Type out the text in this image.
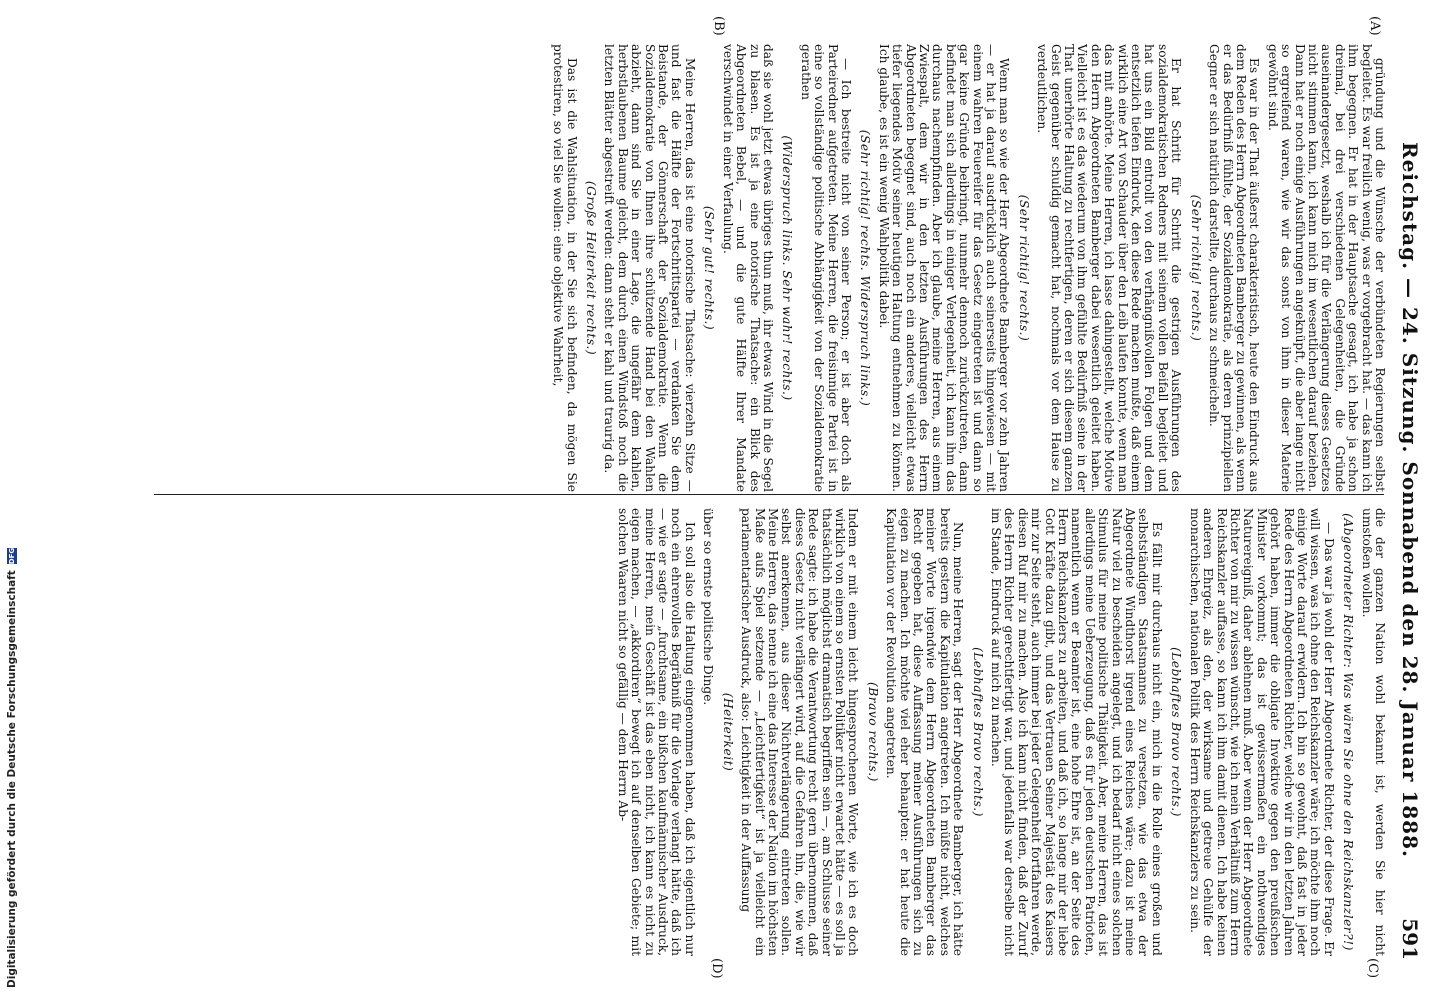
Reichstag. — 24. Sitzung. Sonnabend den 28. Januar 1888.
591
(A)
(B)
(C)
(D)

gründung und die Wünsche der verbündeten Regierungen selbst begleitet. Es war freilich wenig, was er vorgebracht hat. — das kann ich ihm begegnen. Er hat in der Hauptsache gesagt, ich habe ja schon dreimal, bei drei verschiedenen Gelegenheiten, die Gründe auseinandergesetzt, weshalb ich für die Verlängerung dieses Gesetzes nicht stimmen kann, ich kann mich im wesentlichen darauf beziehen. Dann hat er noch einige Ausführungen angeknüpft, die aber lange nicht so ergreifend waren, wie wir das sonst von ihm in dieser Materie gewöhnt sind.

Es war in der That äußerst charakteristisch, heute den Eindruck aus dem Reden des Herrn Abgeordneten Bamberger zu gewinnen, als wenn er das Bedürfniß fühlte, der Sozialdemokratie, als deren prinzipiellen Gegner er sich natürlich darstellte, durchaus zu schmeicheln.

(Sehr richtig! rechts.)

Er hat Schritt für Schritt die gestrigen Ausführungen des sozialdemokratischen Redners mit seinem vollen Beifall begleitet und hat uns ein Bild entrollt von den verhängnißvollen Folgen und dem entsetzlich tiefen Eindruck, den diese Rede machen mußte, daß einem wirklich eine Art von Schauder über den Leib laufen konnte, wenn man das mit anhörte. Meine Herren, ich lasse dahingestellt, welche Motive den Herrn Abgeordneten Bamberger dabei wesentlich geleitet haben. Vielleicht ist es das wiederum von ihm gefühlte Bedürfniß seine in der That unerhörte Haltung zu rechtfertigen, deren er sich diesem ganzen Geist gegenüber schuldig gemacht hat, nochmals vor dem Hause zu verdeutlichen.

(Sehr richtig! rechts.)

Wenn man so wie der Herr Abgeordnete Bamberger vor zehn Jahren — er hat ja darauf ausdrücklich auch seinerseits hingewiesen — mit einem wahren Feuereifer für das Gesetz eingetreten ist und dann so gar keine Gründe beibringt, nunmehr dennoch zurückzutreten, dann befindet man sich allerdings in einiger Verlegenheit, ich kann ihm das durchaus nachempfinden. Aber ich glaube, meine Herren, aus einem Zwiespalt, dem wir in den letzten Ausführungen des Herrn Abgeordneten begegnet sind, auch noch ein anderes, vielleicht etwas tiefer liegendes Motiv seiner heutigen Haltung entnehmen zu können. Ich glaube, es ist ein wenig Wahlpolitik dabei.

(Sehr richtig! rechts. Widerspruch links.)

— Ich bestreite nicht von seiner Person; er ist aber doch als Parteiredner aufgetreten. Meine Herren, die freisinnige Partei ist in eine so vollständige politische Abhängigkeit von der Sozialdemokratie gerathen

(Widerspruch links. Sehr wahr! rechts.)

daß sie wohl jetzt etwas übriges thun muß, ihr etwas Wind in die Segel zu blasen. Es ist ja eine notorische Thatsache: ein Blick des Abgeordneten Bebel, — und die gute Hälfte Ihrer Mandate verschwindet in einer Verfaulung.

(Sehr gut! rechts.)

Meine Herren, das ist eine notorische Thatsache: vierzehn Sitze — und fast die Hälfte der Fortschrittspartei — verdanken Sie dem Beistande, der Gönnerschaft der Sozialdemokratie. Wenn die Sozialdemokratie von Ihnen ihre schützende Hand bei den Wahlen abzieht, dann sind Sie in einer Lage, die ungefähr dem kahlen, herbstlaubenen Baume gleicht, dem durch einen Windstoß noch die letzten Blätter abgestreift werden: dann steht er kahl und traurig da.

(Große Heiterkeit rechts.)

Das ist die Wahlsituation, in der Sie sich befinden, da mögen Sie protestiren, so viel Sie wollen: eine objektive Wahrheit,

die der ganzen Nation wohl bekannt ist, werden Sie hier nicht umstoßen wollen.

(Abgeordneter Richter: Was wären Sie ohne den Reichskanzler?!)

— Das war ja wohl der Herr Abgeordnete Richter, der diese Frage. Er will wissen, was ich ohne den Reichskanzler wäre; ich möchte ihm noch einige Worte darauf erwidern. Ich bin so gewohnt, daß fast in jeder Rede des Herrn Abgeordneten Richter, welche wir in den letzten Jahren gehört haben, immer die obligate Invektive gegen den preußischen Minister vorkommt; das ist gewissermaßen ein nothwendiges Naturereigniß, daher ablehnen muß. Aber wenn der Herr Abgeordnete Richter von mir zu wissen wünscht, wie ich mein Verhältniß zum Herrn Reichskanzler auffasse, so kann ich ihm damit dienen. Ich habe keinen anderen Ehrgeiz, als den, der wirksame und getreue Gehülfe der monarchischen, nationalen Politik des Herrn Reichskanzlers zu sein.

(Lebhaftes Bravo rechts.)

Es fällt mir durchaus nicht ein, mich in die Rolle eines großen und selbstständigen Staatsmannes zu versetzen, wie das etwa der Abgeordnete Windthorst irgend eines Reiches wäre; dazu ist meine Natur viel zu bescheiden angelegt, und ich bedarf nicht eines solchen Stimulus für meine politische Thätigkeit. Aber, meine Herren, das ist allerdings meine Ueberzeugung, daß es für jeden deutschen Patrioten, namentlich wenn er Beamter ist, eine hohe Ehre ist, an der Seite des Herrn Reichskanzlers zu arbeiten, und daß ich, so lange mir der liebe Gott Kräfte dazu gibt, und das Vertrauen Seiner Majestät des Kaisers mir zur Seite steht, auch immer bei jeder Gelegenheit fortfahren werde, diesen Ruf mir zu machen. Also ich kann nicht finden, daß der Zuruf des Herrn Richter gerechtfertigt war, und jedenfalls war derselbe nicht im Stande, Eindruck auf mich zu machen.

(Lebhaftes Bravo rechts.)

Nun, meine Herren, sagt der Herr Abgeordnete Bamberger, ich hätte bereits gestern die Kapitulation angetreten. Ich müßte nicht, welches meiner Worte irgendwie dem Herrn Abgeordneten Bamberger das Recht gegeben hat, diese Auffassung meiner Ausführungen sich zu eigen zu machen. Ich möchte viel eher behaupten: er hat heute die Kapitulation vor der Revolution angetreten.

(Bravo rechts.)

Indem er mit einem leicht hingesprochenen Worte, wie ich es doch wirklich von einem so ernsten Politiker nicht erwartet hätte — es soll ja thatsächlich möglichst dramatisch begriffen sein —, am Schlusse seiner Rede sagte: ich habe die Verantwortung recht gern übernommen, daß dieses Gesetz nicht verlängert wird, auf die Gefahren hin, die, wie wir selbst anerkennen, aus dieser Nichtverlängerung eintreten sollen. Meine Herren, das nenne ich eine das Interesse der Nation im höchsten Maße aufs Spiel setzende — „Leichtfertigkeit“ ist ja vielleicht ein parlamentarischer Ausdruck, also: Leichtigkeit in der Auffassung

(Heiterkeit)

über so ernste politische Dinge.

Ich soll also die Haltung eingenommen haben, daß ich eigentlich nur noch ein ehrenvolles Begräbniß für die Vorlage verlangt hätte, daß ich — wie er sagte — „furchtsame, ein bißchen kaufmännischer Ausdruck, meine Herren, mein Geschäft ist das eben nicht, ich kann es nicht zu eigen machen, — „akkordiren“ bewegt ich auf denselben Gebiete; mit solchen Waaren nicht so gefällig — dem Herrn Ab-

Digitalisierung gefördert durch die Deutsche Forschungsgemeinschaft
DFG
